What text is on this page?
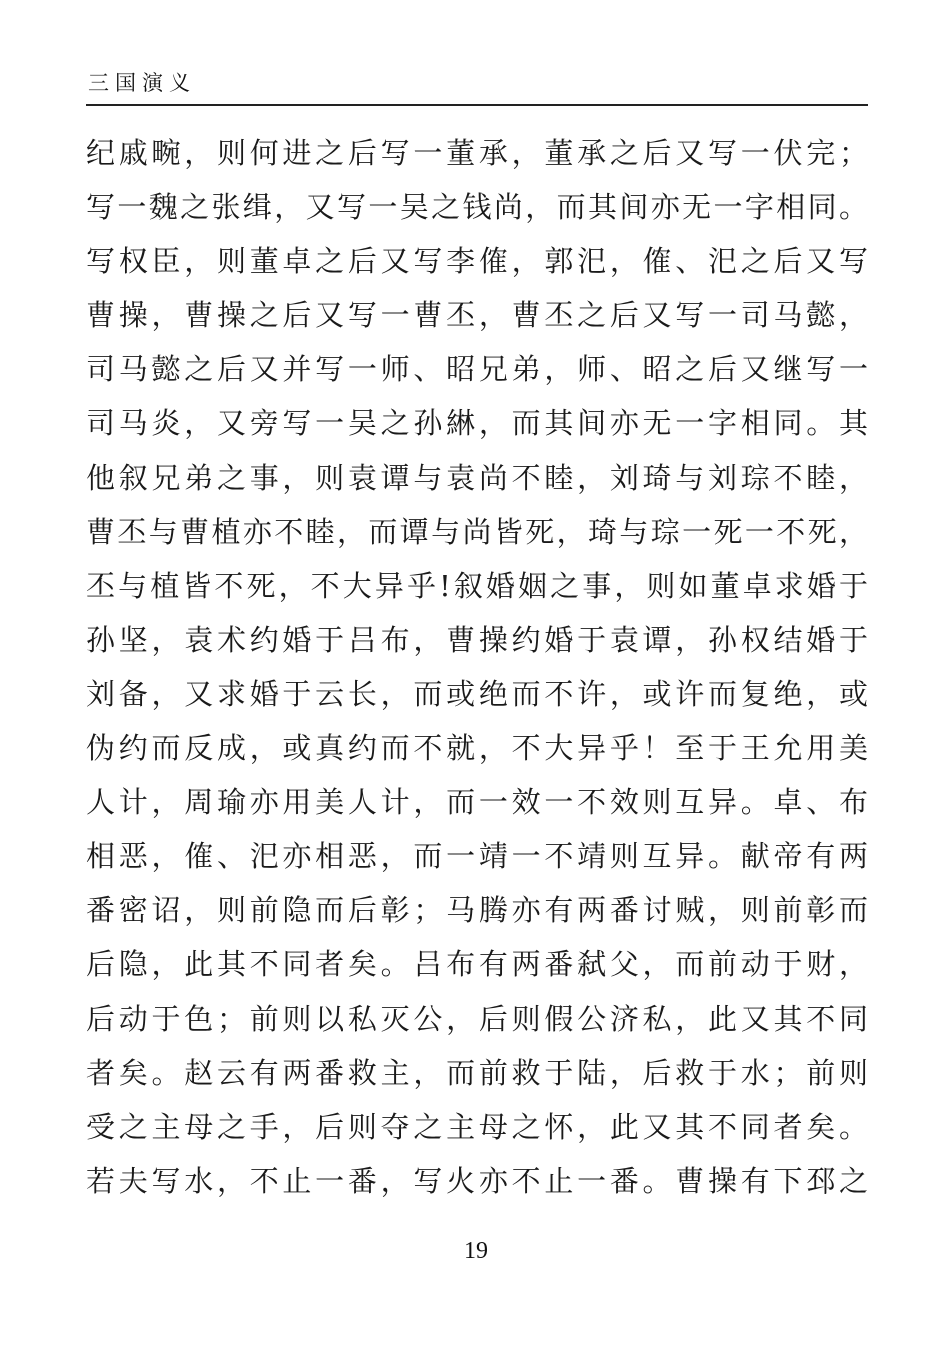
三国演义
纪戚畹，则何进之后写一董承，董承之后又写一伏完；
写一魏之张缉，又写一吴之钱尚，而其间亦无一字相同。
写权臣，则董卓之后又写李傕，郭汜，傕、汜之后又写
曹操，曹操之后又写一曹丕，曹丕之后又写一司马懿，
司马懿之后又并写一师、昭兄弟，师、昭之后又继写一
司马炎，又旁写一吴之孙綝，而其间亦无一字相同。其
他叙兄弟之事，则袁谭与袁尚不睦，刘琦与刘琮不睦，
曹丕与曹植亦不睦，而谭与尚皆死，琦与琮一死一不死，
丕与植皆不死，不大异乎!叙婚姻之事，则如董卓求婚于
孙坚，袁术约婚于吕布，曹操约婚于袁谭，孙权结婚于
刘备，又求婚于云长，而或绝而不许，或许而复绝，或
伪约而反成，或真约而不就，不大异乎！至于王允用美
人计，周瑜亦用美人计，而一效一不效则互异。卓、布
相恶，傕、汜亦相恶，而一靖一不靖则互异。献帝有两
番密诏，则前隐而后彰；马腾亦有两番讨贼，则前彰而
后隐，此其不同者矣。吕布有两番弑父，而前动于财，
后动于色；前则以私灭公，后则假公济私，此又其不同
者矣。赵云有两番救主，而前救于陆，后救于水；前则
受之主母之手，后则夺之主母之怀，此又其不同者矣。
若夫写水，不止一番，写火亦不止一番。曹操有下邳之
19
